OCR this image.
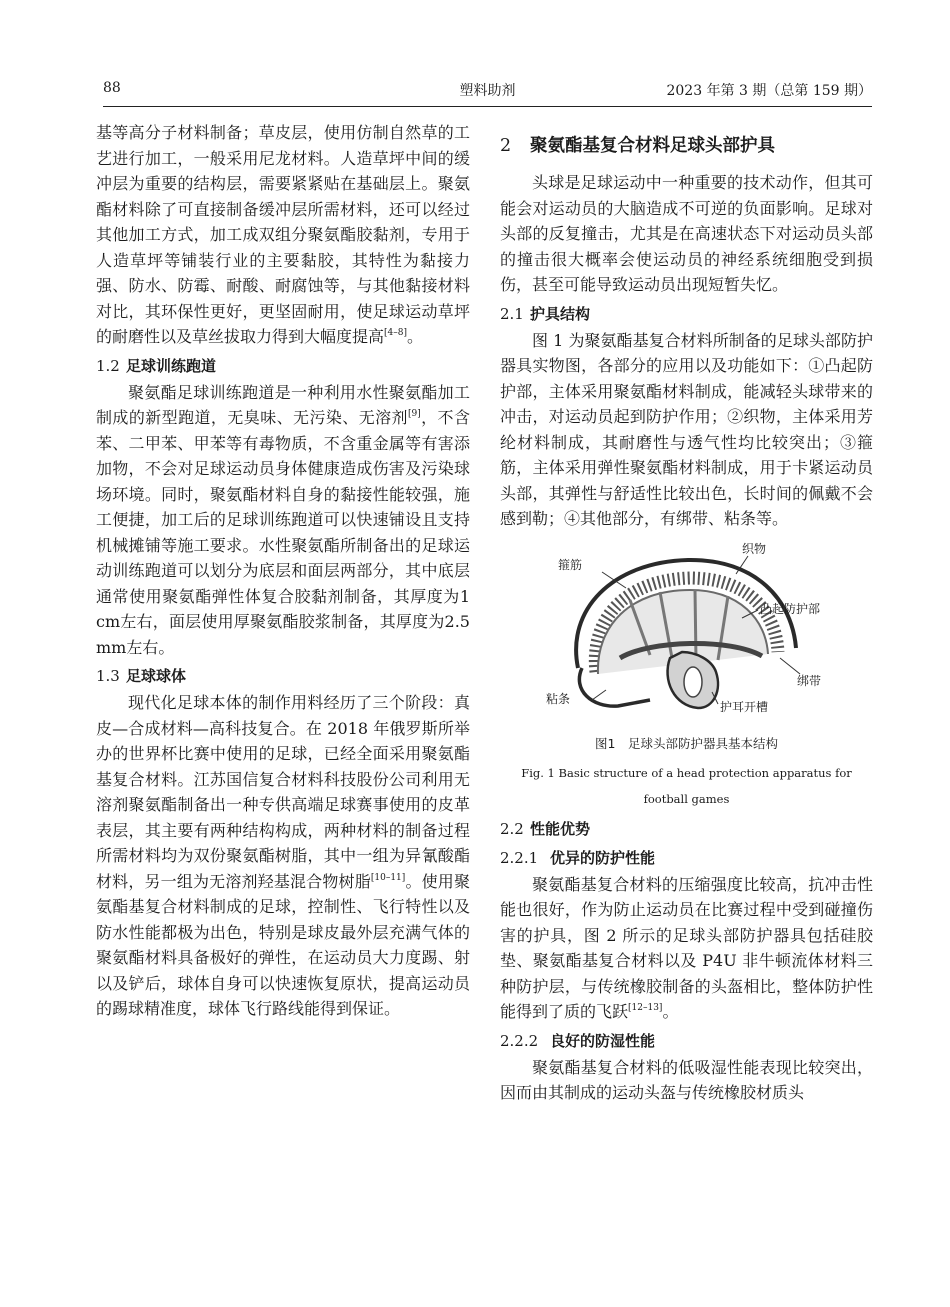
88	塑料助剂	2023 年第 3 期（总第 159 期）

基等高分子材料制备；草皮层，使用仿制自然草的工艺进行加工，一般采用尼龙材料。人造草坪中间的缓冲层为重要的结构层，需要紧紧贴在基础层上。聚氨酯材料除了可直接制备缓冲层所需材料，还可以经过其他加工方式，加工成双组分聚氨酯胶黏剂，专用于人造草坪等铺装行业的主要黏胶，其特性为黏接力强、防水、防霉、耐酸、耐腐蚀等，与其他黏接材料对比，其环保性更好，更坚固耐用，使足球运动草坪的耐磨性以及草丝拔取力得到大幅度提高[4–8]。

1.2 足球训练跑道

聚氨酯足球训练跑道是一种利用水性聚氨酯加工制成的新型跑道，无臭味、无污染、无溶剂[9]，不含苯、二甲苯、甲苯等有毒物质，不含重金属等有害添加物，不会对足球运动员身体健康造成伤害及污染球场环境。同时，聚氨酯材料自身的黏接性能较强，施工便捷，加工后的足球训练跑道可以快速铺设且支持机械摊铺等施工要求。水性聚氨酯所制备出的足球运动训练跑道可以划分为底层和面层两部分，其中底层通常使用聚氨酯弹性体复合胶黏剂制备，其厚度为1 cm左右，面层使用厚聚氨酯胶浆制备，其厚度为2.5 mm左右。

1.3 足球球体

现代化足球本体的制作用料经历了三个阶段：真皮—合成材料—高科技复合。在 2018 年俄罗斯所举办的世界杯比赛中使用的足球，已经全面采用聚氨酯基复合材料。江苏国信复合材料科技股份公司利用无溶剂聚氨酯制备出一种专供高端足球赛事使用的皮革表层，其主要有两种结构构成，两种材料的制备过程所需材料均为双份聚氨酯树脂，其中一组为异氰酸酯材料，另一组为无溶剂羟基混合物树脂[10–11]。使用聚氨酯基复合材料制成的足球，控制性、飞行特性以及防水性能都极为出色，特别是球皮最外层充满气体的聚氨酯材料具备极好的弹性，在运动员大力度踢、射以及铲后，球体自身可以快速恢复原状，提高运动员的踢球精准度，球体飞行路线能得到保证。

2 聚氨酯基复合材料足球头部护具

头球是足球运动中一种重要的技术动作，但其可能会对运动员的大脑造成不可逆的负面影响。足球对头部的反复撞击，尤其是在高速状态下对运动员头部的撞击很大概率会使运动员的神经系统细胞受到损伤，甚至可能导致运动员出现短暂失忆。

2.1 护具结构

图 1 为聚氨酯基复合材料所制备的足球头部防护器具实物图，各部分的应用以及功能如下：①凸起防护部，主体采用聚氨酯材料制成，能减轻头球带来的冲击，对运动员起到防护作用；②织物，主体采用芳纶材料制成，其耐磨性与透气性均比较突出；③箍筋，主体采用弹性聚氨酯材料制成，用于卡紧运动员头部，其弹性与舒适性比较出色，长时间的佩戴不会感到勒；④其他部分，有绑带、粘条等。

织物
箍筋
凸起防护部
绑带
粘条
护耳开槽
图1　足球头部防护器具基本结构
Fig. 1 Basic structure of a head protection apparatus for football games
2.2 性能优势
2.2.1 优异的防护性能

聚氨酯基复合材料的压缩强度比较高，抗冲击性能也很好，作为防止运动员在比赛过程中受到碰撞伤害的护具，图 2 所示的足球头部防护器具包括硅胶垫、聚氨酯基复合材料以及 P4U 非牛顿流体材料三种防护层，与传统橡胶制备的头盔相比，整体防护性能得到了质的飞跃[12–13]。

2.2.2 良好的防湿性能

聚氨酯基复合材料的低吸湿性能表现比较突出，因而由其制成的运动头盔与传统橡胶材质头
